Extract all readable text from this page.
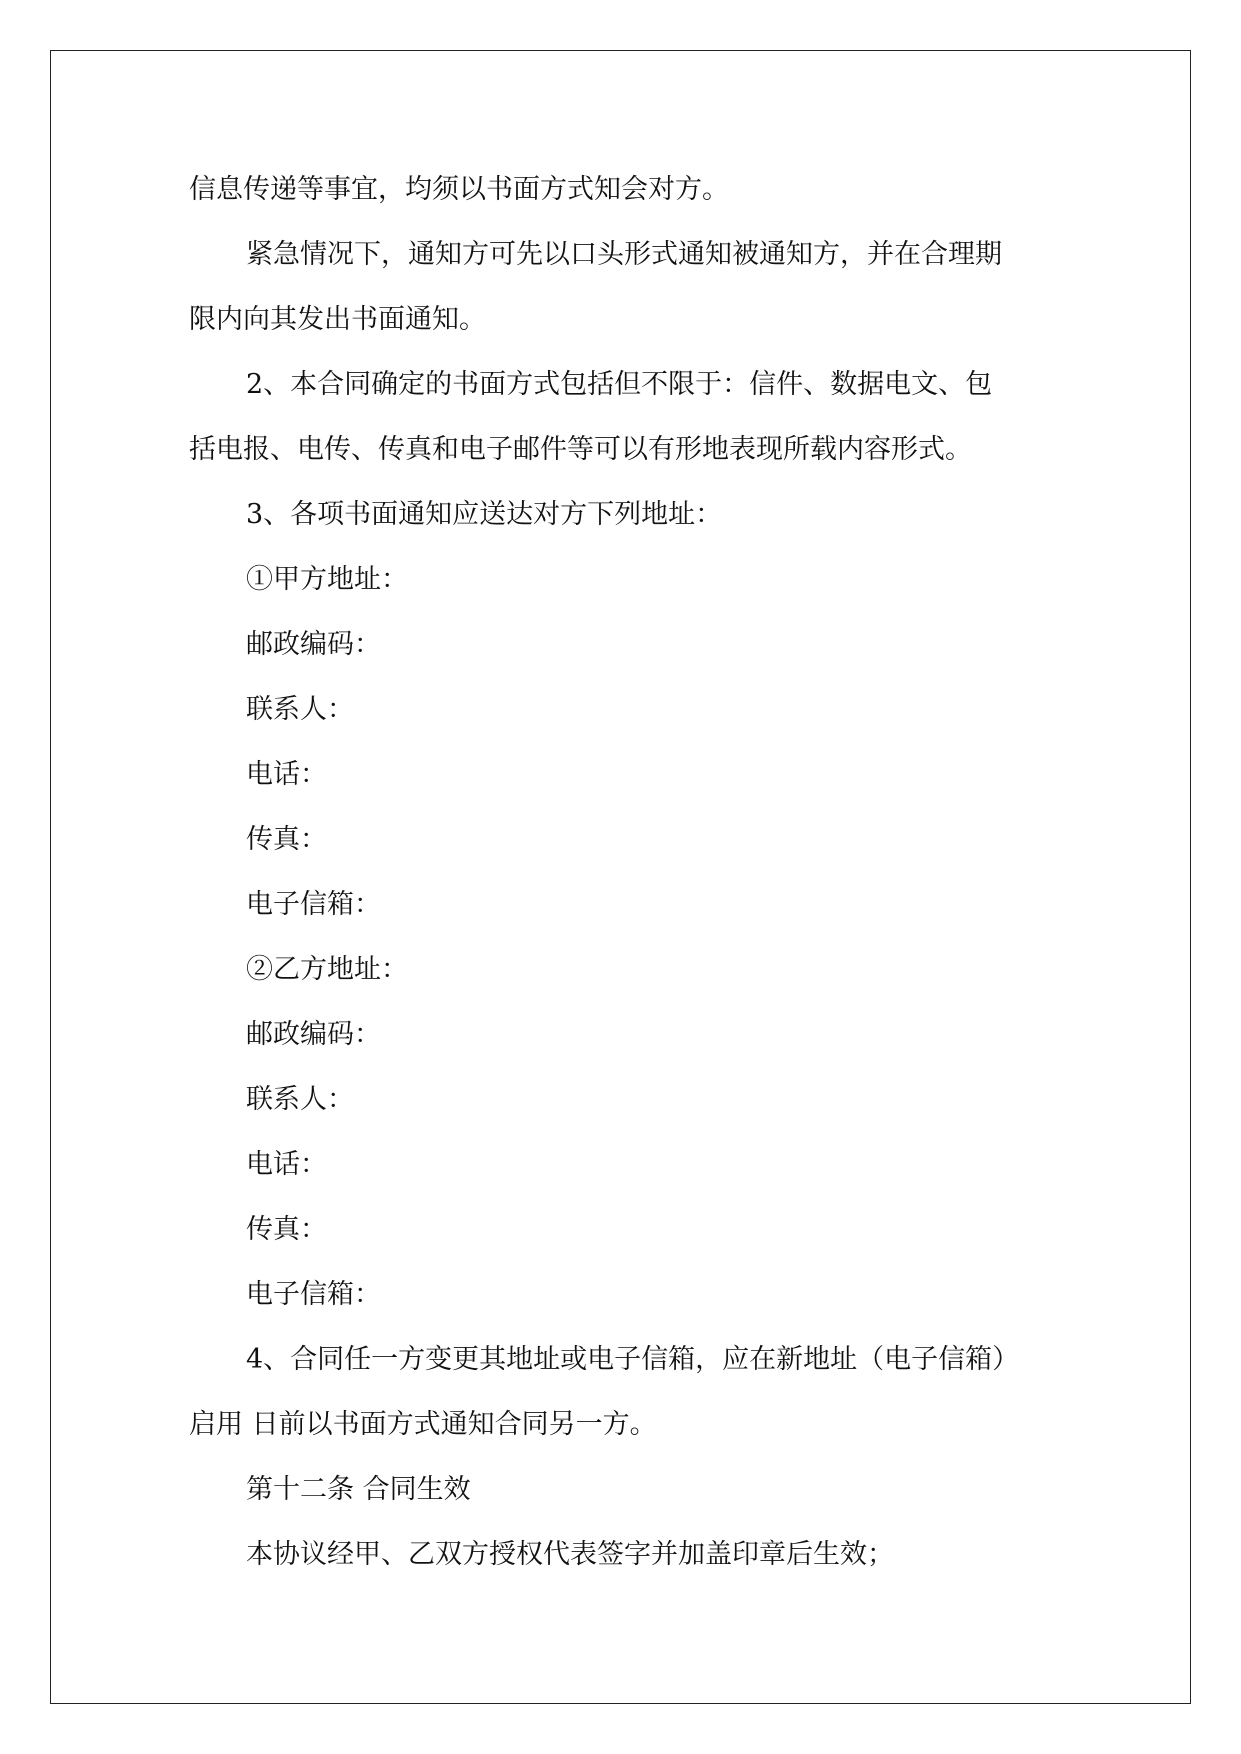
信息传递等事宜，均须以书面方式知会对方。
紧急情况下，通知方可先以口头形式通知被通知方，并在合理期
限内向其发出书面通知。
2、本合同确定的书面方式包括但不限于：信件、数据电文、包
括电报、电传、传真和电子邮件等可以有形地表现所载内容形式。
3、各项书面通知应送达对方下列地址：
①甲方地址：
邮政编码：
联系人：
电话：
传真：
电子信箱：
②乙方地址：
邮政编码：
联系人：
电话：
传真：
电子信箱：
4、合同任一方变更其地址或电子信箱，应在新地址（电子信箱）
启用 日前以书面方式通知合同另一方。
第十二条 合同生效
本协议经甲、乙双方授权代表签字并加盖印章后生效；
